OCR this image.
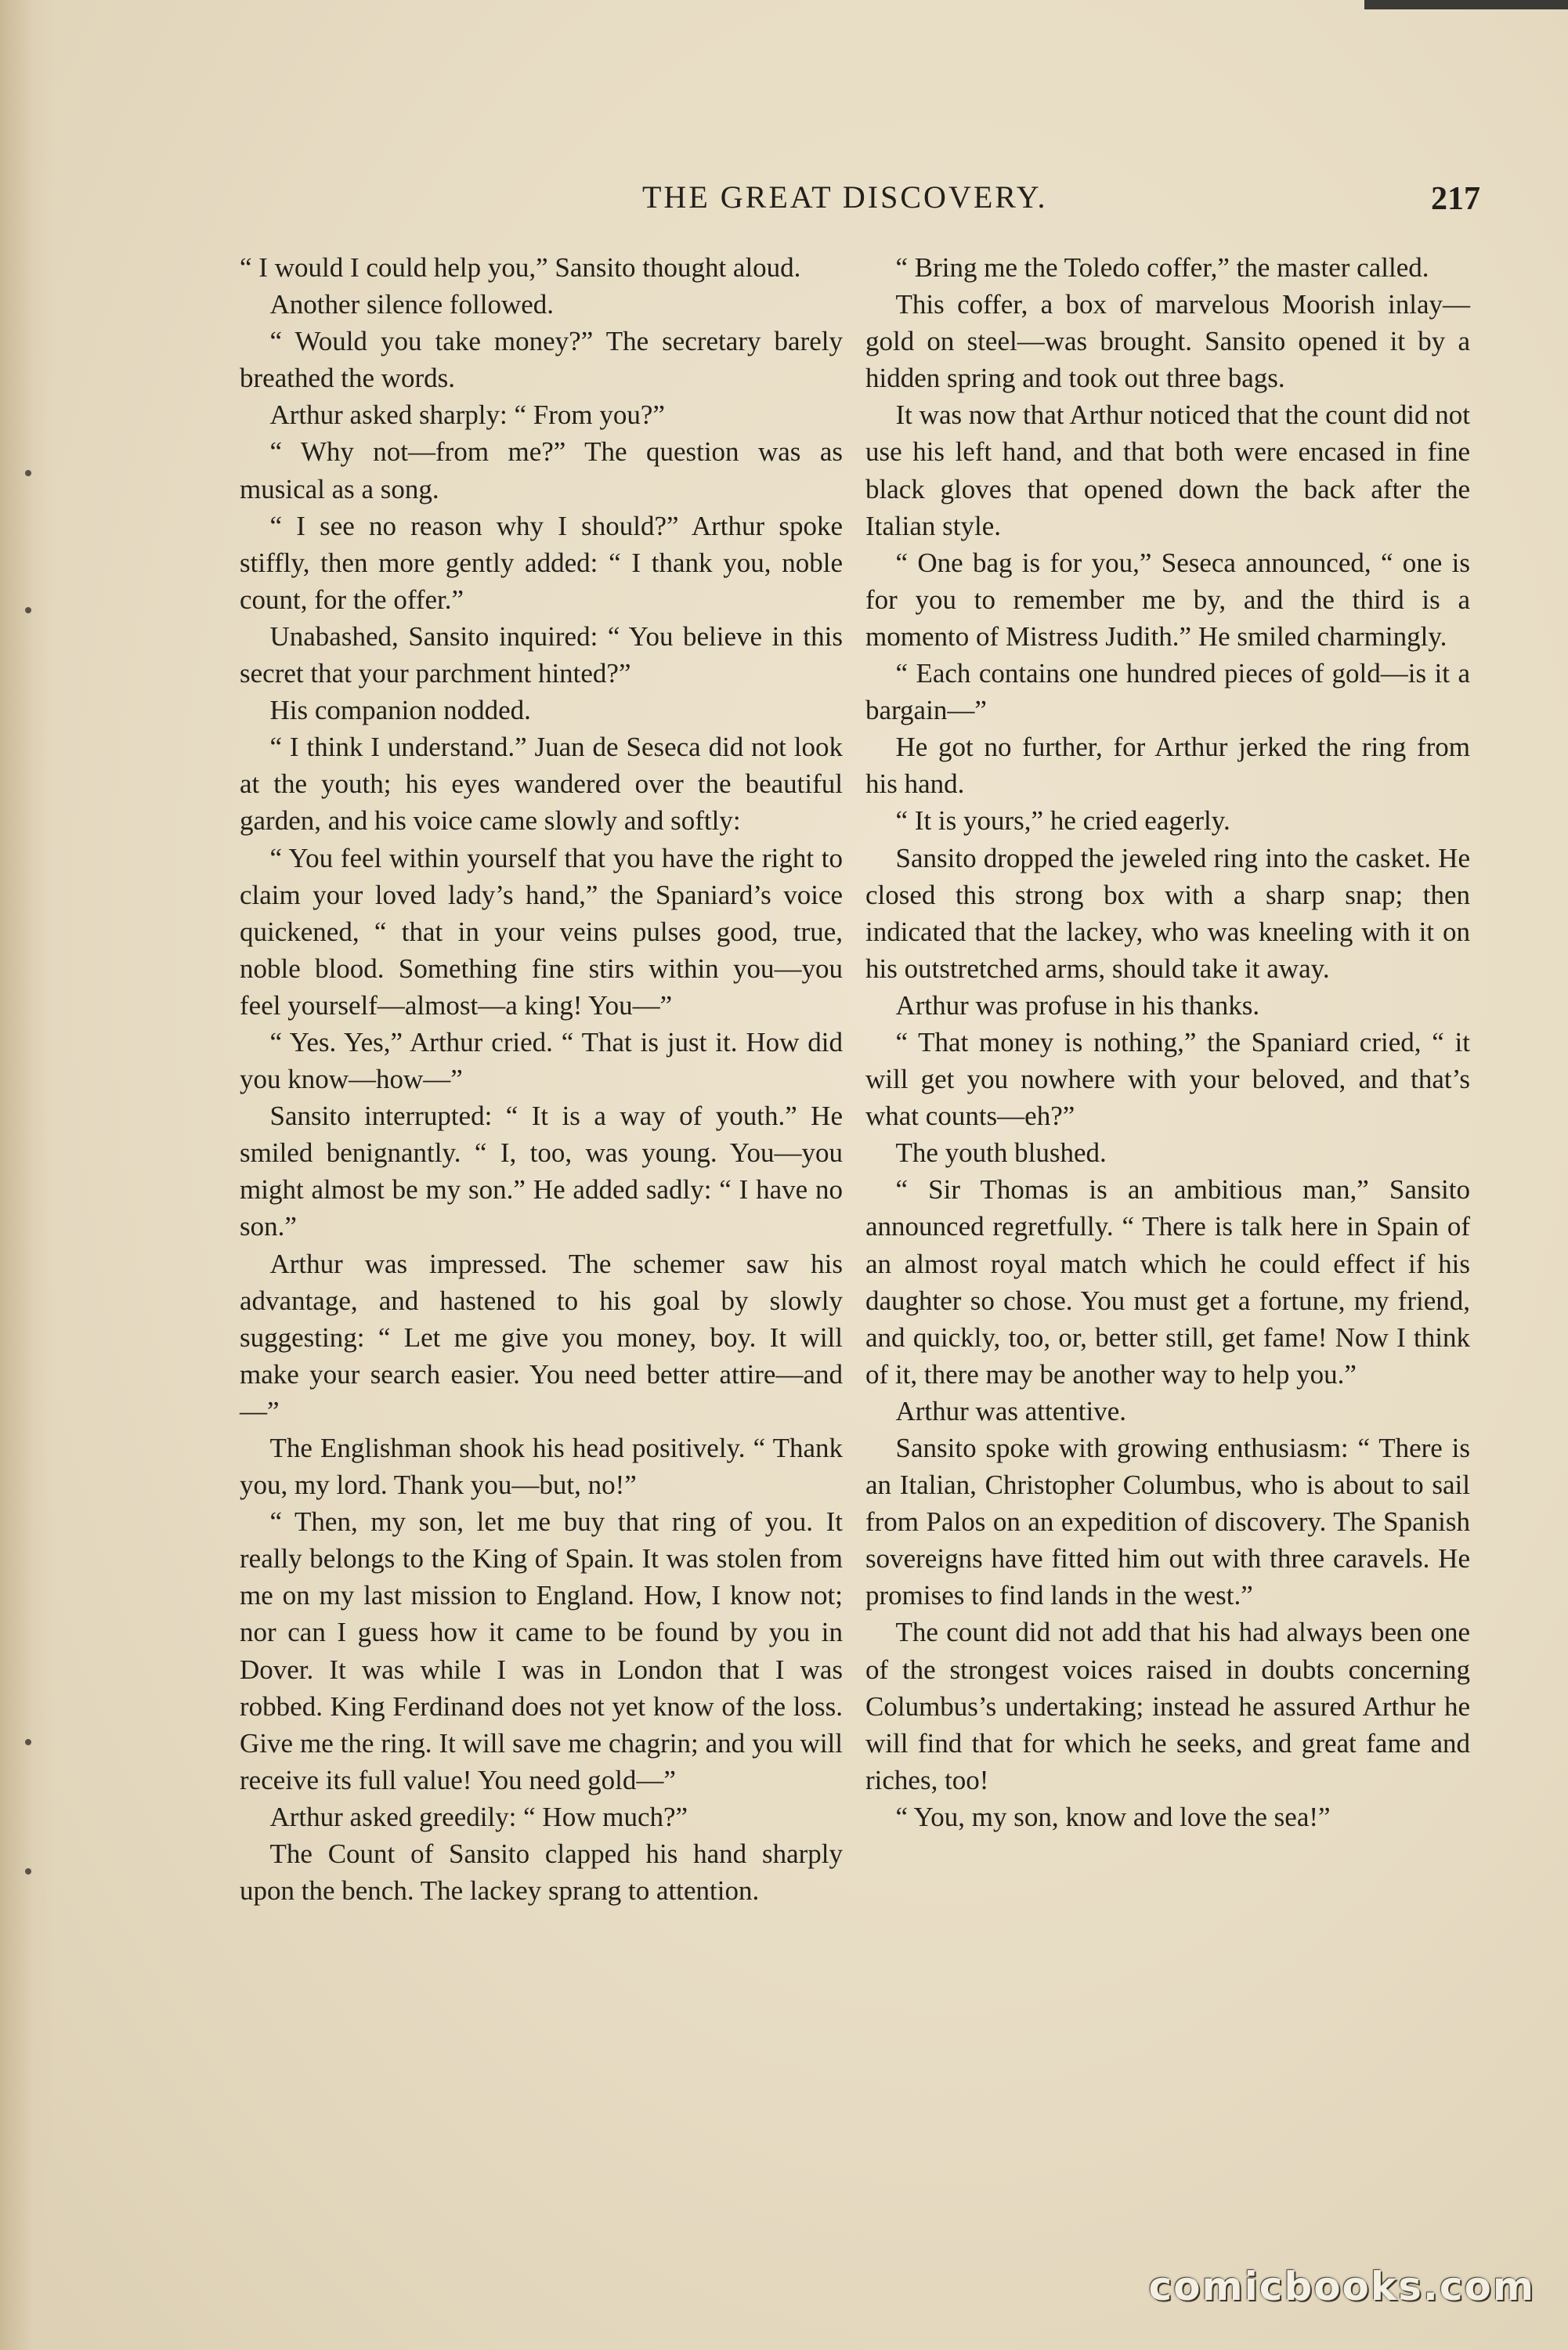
THE GREAT DISCOVERY.	217

“ I would I could help you,” Sansito thought aloud.

Another silence followed.

“ Would you take money?” The secretary barely breathed the words.

Arthur asked sharply: “ From you?”

“ Why not—from me?” The question was as musical as a song.

“ I see no reason why I should?” Arthur spoke stiffly, then more gently added: “ I thank you, noble count, for the offer.”

Unabashed, Sansito inquired: “ You believe in this secret that your parchment hinted?”

His companion nodded.

“ I think I understand.” Juan de Seseca did not look at the youth; his eyes wandered over the beautiful garden, and his voice came slowly and softly:

“ You feel within yourself that you have the right to claim your loved lady’s hand,” the Spaniard’s voice quickened, “ that in your veins pulses good, true, noble blood. Something fine stirs within you—you feel yourself—almost—a king! You—”

“ Yes. Yes,” Arthur cried. “ That is just it. How did you know—how—”

Sansito interrupted: “ It is a way of youth.” He smiled benignantly. “ I, too, was young. You—you might almost be my son.” He added sadly: “ I have no son.”

Arthur was impressed. The schemer saw his advantage, and hastened to his goal by slowly suggesting: “ Let me give you money, boy. It will make your search easier. You need better attire—and—”

The Englishman shook his head positively. “ Thank you, my lord. Thank you—but, no!”

“ Then, my son, let me buy that ring of you. It really belongs to the King of Spain. It was stolen from me on my last mission to England. How, I know not; nor can I guess how it came to be found by you in Dover. It was while I was in London that I was robbed. King Ferdinand does not yet know of the loss. Give me the ring. It will save me chagrin; and you will receive its full value! You need gold—”

Arthur asked greedily: “ How much?”

The Count of Sansito clapped his hand sharply upon the bench. The lackey sprang to attention.

“ Bring me the Toledo coffer,” the master called.

This coffer, a box of marvelous Moorish inlay—gold on steel—was brought. Sansito opened it by a hidden spring and took out three bags.

It was now that Arthur noticed that the count did not use his left hand, and that both were encased in fine black gloves that opened down the back after the Italian style.

“ One bag is for you,” Seseca announced, “ one is for you to remember me by, and the third is a momento of Mistress Judith.” He smiled charmingly.

“ Each contains one hundred pieces of gold—is it a bargain—”

He got no further, for Arthur jerked the ring from his hand.

“ It is yours,” he cried eagerly.

Sansito dropped the jeweled ring into the casket. He closed this strong box with a sharp snap; then indicated that the lackey, who was kneeling with it on his outstretched arms, should take it away.

Arthur was profuse in his thanks.

“ That money is nothing,” the Spaniard cried, “ it will get you nowhere with your beloved, and that’s what counts—eh?”

The youth blushed.

“ Sir Thomas is an ambitious man,” Sansito announced regretfully. “ There is talk here in Spain of an almost royal match which he could effect if his daughter so chose. You must get a fortune, my friend, and quickly, too, or, better still, get fame! Now I think of it, there may be another way to help you.”

Arthur was attentive.

Sansito spoke with growing enthusiasm: “ There is an Italian, Christopher Columbus, who is about to sail from Palos on an expedition of discovery. The Spanish sovereigns have fitted him out with three caravels. He promises to find lands in the west.”

The count did not add that his had always been one of the strongest voices raised in doubts concerning Columbus’s undertaking; instead he assured Arthur he will find that for which he seeks, and great fame and riches, too!

“ You, my son, know and love the sea!”

comicbooks.com
